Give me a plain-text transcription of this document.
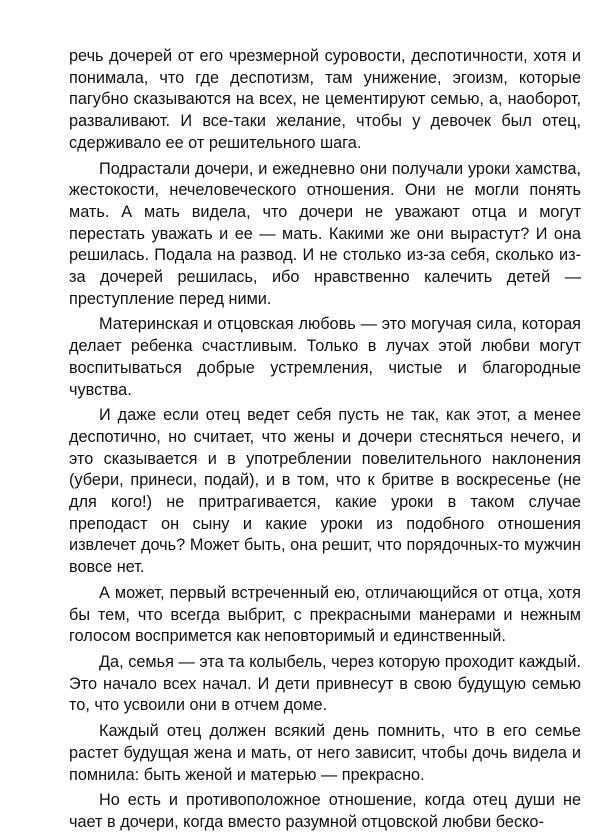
речь дочерей от его чрезмерной суровости, деспотичности, хотя и понимала, что где деспотизм, там унижение, эгоизм, которые пагубно сказываются на всех, не цементируют семью, а, наоборот, разваливают. И все-таки желание, чтобы у девочек был отец, сдерживало ее от решительного шага.

Подрастали дочери, и ежедневно они получали уроки хамства, жестокости, нечеловеческого отношения. Они не могли понять мать. А мать видела, что дочери не уважают отца и могут перестать уважать и ее — мать. Какими же они вырастут? И она решилась. Подала на развод. И не столько из-за себя, сколько из-за дочерей решилась, ибо нравственно калечить детей — преступление перед ними.

Материнская и отцовская любовь — это могучая сила, которая делает ребенка счастливым. Только в лучах этой любви могут воспитываться добрые устремления, чистые и благородные чувства.

И даже если отец ведет себя пусть не так, как этот, а менее деспотично, но считает, что жены и дочери стесняться нечего, и это сказывается и в употреблении повелительного наклонения (убери, принеси, подай), и в том, что к бритве в воскресенье (не для кого!) не притрагивается, какие уроки в таком случае преподаст он сыну и какие уроки из подобного отношения извлечет дочь? Может быть, она решит, что порядочных-то мужчин вовсе нет.

А может, первый встреченный ею, отличающийся от отца, хотя бы тем, что всегда выбрит, с прекрасными манерами и нежным голосом воспримется как неповторимый и единственный.

Да, семья — эта та колыбель, через которую проходит каждый. Это начало всех начал. И дети привнесут в свою будущую семью то, что усвоили они в отчем доме.

Каждый отец должен всякий день помнить, что в его семье растет будущая жена и мать, от него зависит, чтобы дочь видела и помнила: быть женой и матерью — прекрасно.

Но есть и противоположное отношение, когда отец души не чает в дочери, когда вместо разумной отцовской любви беско-
